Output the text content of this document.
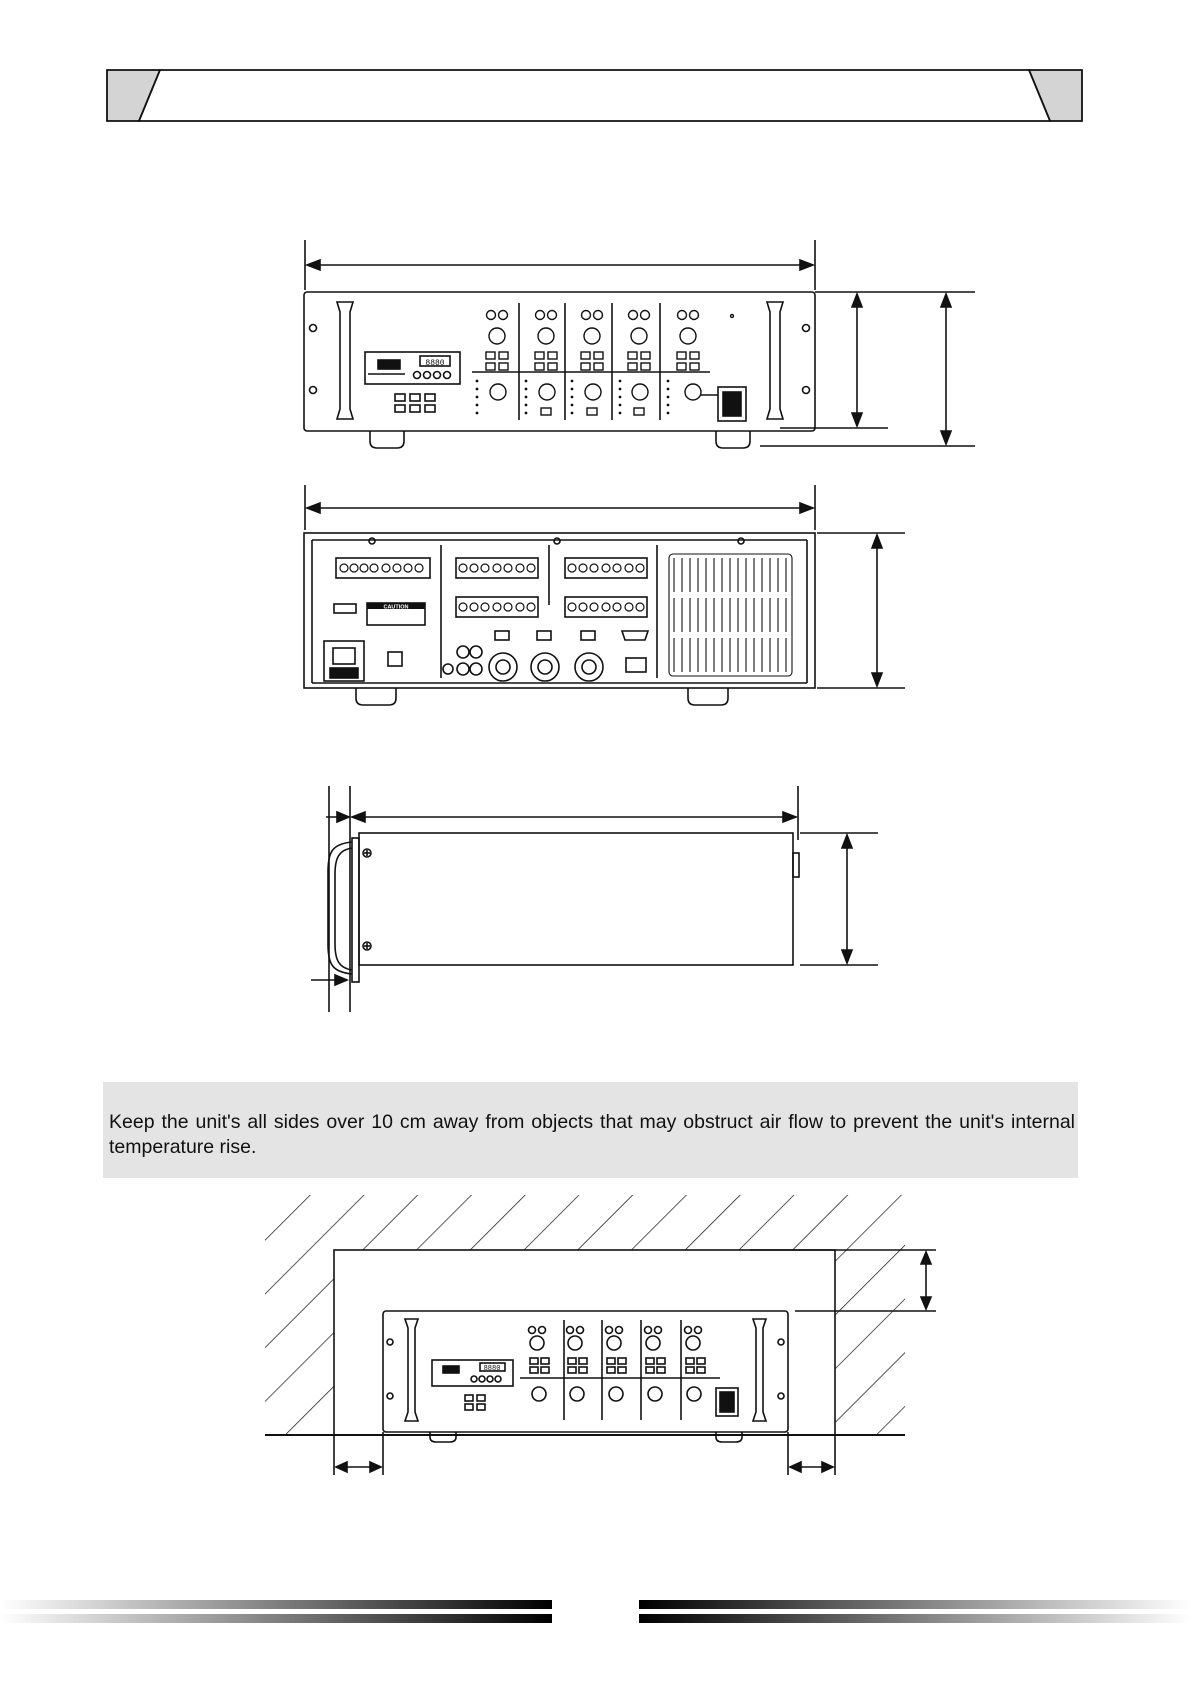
8880
CAUTION

Keep the unit's all sides over 10 cm away from objects that may obstruct air flow to prevent the unit's internal temperature rise.

8880
